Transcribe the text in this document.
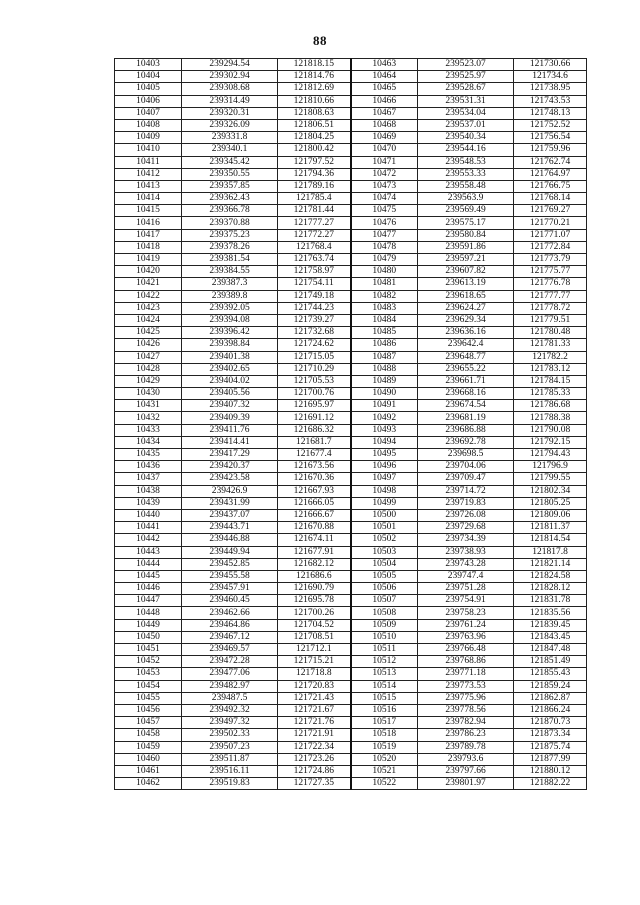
88
10403	239294.54	121818.15	10463	239523.07	121730.66
10404	239302.94	121814.76	10464	239525.97	121734.6
10405	239308.68	121812.69	10465	239528.67	121738.95
10406	239314.49	121810.66	10466	239531.31	121743.53
10407	239320.31	121808.63	10467	239534.04	121748.13
10408	239326.09	121806.51	10468	239537.01	121752.52
10409	239331.8	121804.25	10469	239540.34	121756.54
10410	239340.1	121800.42	10470	239544.16	121759.96
10411	239345.42	121797.52	10471	239548.53	121762.74
10412	239350.55	121794.36	10472	239553.33	121764.97
10413	239357.85	121789.16	10473	239558.48	121766.75
10414	239362.43	121785.4	10474	239563.9	121768.14
10415	239366.78	121781.44	10475	239569.49	121769.27
10416	239370.88	121777.27	10476	239575.17	121770.21
10417	239375.23	121772.27	10477	239580.84	121771.07
10418	239378.26	121768.4	10478	239591.86	121772.84
10419	239381.54	121763.74	10479	239597.21	121773.79
10420	239384.55	121758.97	10480	239607.82	121775.77
10421	239387.3	121754.11	10481	239613.19	121776.78
10422	239389.8	121749.18	10482	239618.65	121777.77
10423	239392.05	121744.23	10483	239624.27	121778.72
10424	239394.08	121739.27	10484	239629.34	121779.51
10425	239396.42	121732.68	10485	239636.16	121780.48
10426	239398.84	121724.62	10486	239642.4	121781.33
10427	239401.38	121715.05	10487	239648.77	121782.2
10428	239402.65	121710.29	10488	239655.22	121783.12
10429	239404.02	121705.53	10489	239661.71	121784.15
10430	239405.56	121700.76	10490	239668.16	121785.33
10431	239407.32	121695.97	10491	239674.54	121786.68
10432	239409.39	121691.12	10492	239681.19	121788.38
10433	239411.76	121686.32	10493	239686.88	121790.08
10434	239414.41	121681.7	10494	239692.78	121792.15
10435	239417.29	121677.4	10495	239698.5	121794.43
10436	239420.37	121673.56	10496	239704.06	121796.9
10437	239423.58	121670.36	10497	239709.47	121799.55
10438	239426.9	121667.93	10498	239714.72	121802.34
10439	239431.99	121666.05	10499	239719.83	121805.25
10440	239437.07	121666.67	10500	239726.08	121809.06
10441	239443.71	121670.88	10501	239729.68	121811.37
10442	239446.88	121674.11	10502	239734.39	121814.54
10443	239449.94	121677.91	10503	239738.93	121817.8
10444	239452.85	121682.12	10504	239743.28	121821.14
10445	239455.58	121686.6	10505	239747.4	121824.58
10446	239457.91	121690.79	10506	239751.28	121828.12
10447	239460.45	121695.78	10507	239754.91	121831.78
10448	239462.66	121700.26	10508	239758.23	121835.56
10449	239464.86	121704.52	10509	239761.24	121839.45
10450	239467.12	121708.51	10510	239763.96	121843.45
10451	239469.57	121712.1	10511	239766.48	121847.48
10452	239472.28	121715.21	10512	239768.86	121851.49
10453	239477.06	121718.8	10513	239771.18	121855.43
10454	239482.97	121720.83	10514	239773.53	121859.24
10455	239487.5	121721.43	10515	239775.96	121862.87
10456	239492.32	121721.67	10516	239778.56	121866.24
10457	239497.32	121721.76	10517	239782.94	121870.73
10458	239502.33	121721.91	10518	239786.23	121873.34
10459	239507.23	121722.34	10519	239789.78	121875.74
10460	239511.87	121723.26	10520	239793.6	121877.99
10461	239516.11	121724.86	10521	239797.66	121880.12
10462	239519.83	121727.35	10522	239801.97	121882.22
